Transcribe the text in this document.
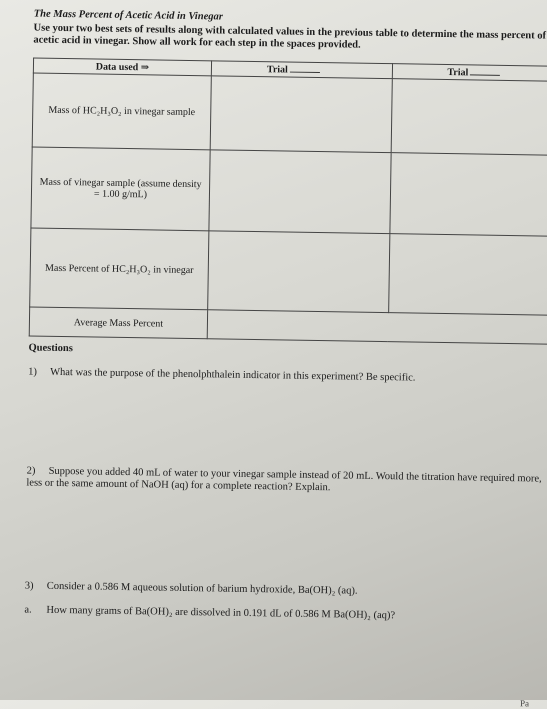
The Mass Percent of Acetic Acid in Vinegar
Use your two best sets of results along with calculated values in the previous table to determine the mass percent of acetic acid in vinegar. Show all work for each step in the spaces provided.
Data used ⇒	Trial	Trial
Mass of HC₂H₃O₂ in vinegar sample		
Mass of vinegar sample (assume density = 1.00 g/mL)		
Mass Percent of HC₂H₃O₂ in vinegar		
Average Mass Percent		
Questions
1) What was the purpose of the phenolphthalein indicator in this experiment? Be specific.
2) Suppose you added 40 mL of water to your vinegar sample instead of 20 mL. Would the titration have required more, less or the same amount of NaOH (aq) for a complete reaction? Explain.
3) Consider a 0.586 M aqueous solution of barium hydroxide, Ba(OH)₂ (aq).
a. How many grams of Ba(OH)₂ are dissolved in 0.191 dL of 0.586 M Ba(OH)₂ (aq)?
Pa
